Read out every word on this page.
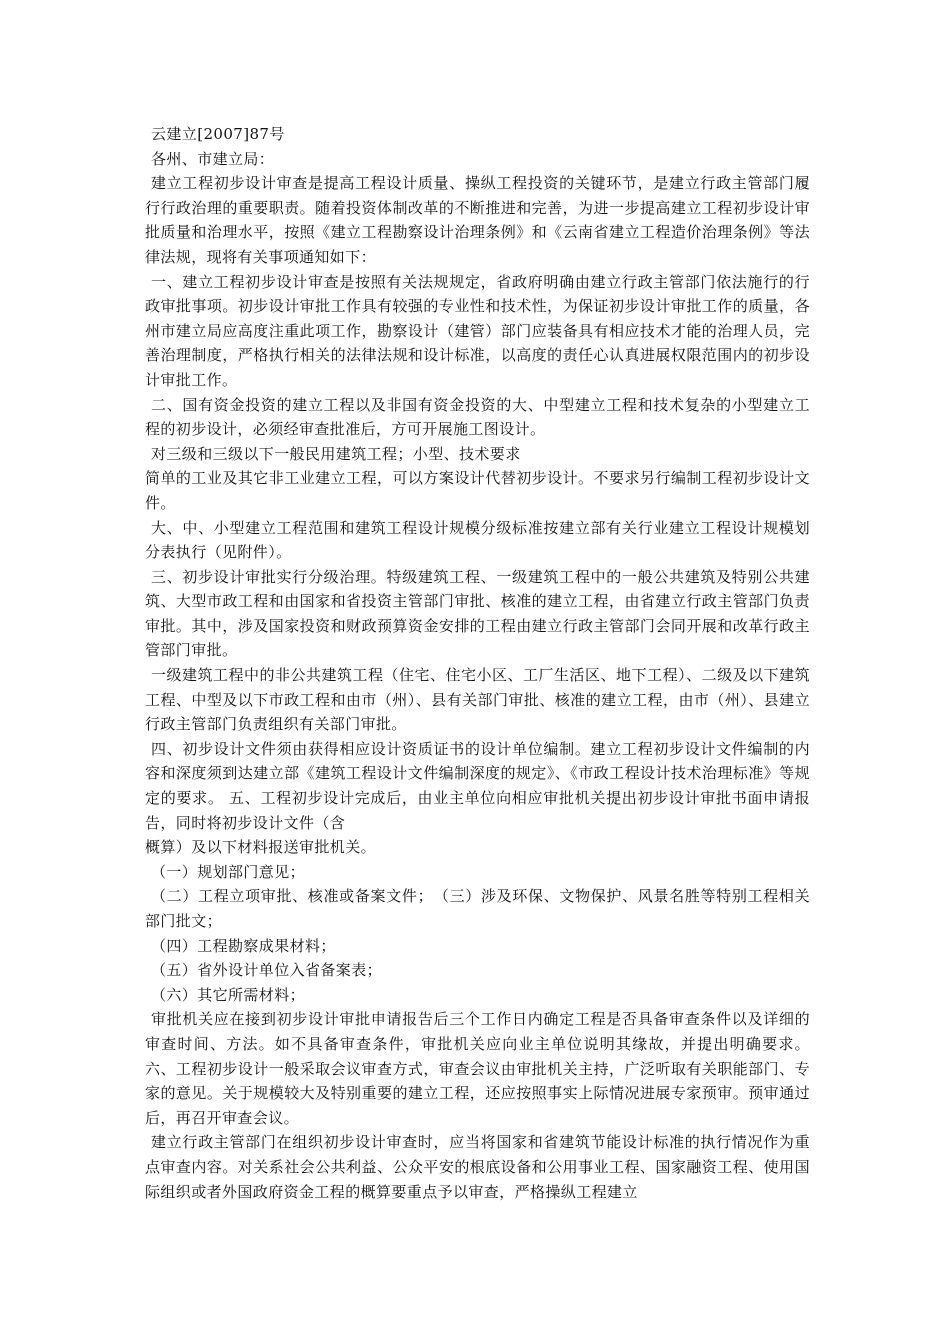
云建立[2007]87号

各州、市建立局：

建立工程初步设计审查是提高工程设计质量、操纵工程投资的关键环节，是建立行政主管部门履行行政治理的重要职责。随着投资体制改革的不断推进和完善，为进一步提高建立工程初步设计审批质量和治理水平，按照《建立工程勘察设计治理条例》和《云南省建立工程造价治理条例》等法律法规，现将有关事项通知如下：

一、建立工程初步设计审查是按照有关法规规定，省政府明确由建立行政主管部门依法施行的行政审批事项。初步设计审批工作具有较强的专业性和技术性，为保证初步设计审批工作的质量，各州市建立局应高度注重此项工作，勘察设计（建管）部门应装备具有相应技术才能的治理人员，完善治理制度，严格执行相关的法律法规和设计标准，以高度的责任心认真进展权限范围内的初步设计审批工作。

二、国有资金投资的建立工程以及非国有资金投资的大、中型建立工程和技术复杂的小型建立工程的初步设计，必须经审查批准后，方可开展施工图设计。

对三级和三级以下一般民用建筑工程；小型、技术要求

简单的工业及其它非工业建立工程，可以方案设计代替初步设计。不要求另行编制工程初步设计文件。

大、中、小型建立工程范围和建筑工程设计规模分级标准按建立部有关行业建立工程设计规模划分表执行（见附件）。

三、初步设计审批实行分级治理。特级建筑工程、一级建筑工程中的一般公共建筑及特别公共建筑、大型市政工程和由国家和省投资主管部门审批、核准的建立工程，由省建立行政主管部门负责审批。其中，涉及国家投资和财政预算资金安排的工程由建立行政主管部门会同开展和改革行政主管部门审批。

一级建筑工程中的非公共建筑工程（住宅、住宅小区、工厂生活区、地下工程）、二级及以下建筑工程、中型及以下市政工程和由市（州）、县有关部门审批、核准的建立工程，由市（州）、县建立行政主管部门负责组织有关部门审批。

四、初步设计文件须由获得相应设计资质证书的设计单位编制。建立工程初步设计文件编制的内容和深度须到达建立部《建筑工程设计文件编制深度的规定》、《市政工程设计技术治理标准》等规定的要求。 五、工程初步设计完成后，由业主单位向相应审批机关提出初步设计审批书面申请报告，同时将初步设计文件（含

概算）及以下材料报送审批机关。

（一）规划部门意见；

（二）工程立项审批、核准或备案文件；　（三）涉及环保、文物保护、风景名胜等特别工程相关部门批文；

（四）工程勘察成果材料；

（五）省外设计单位入省备案表；

（六）其它所需材料；

审批机关应在接到初步设计审批申请报告后三个工作日内确定工程是否具备审查条件以及详细的审查时间、方法。如不具备审查条件，审批机关应向业主单位说明其缘故，并提出明确要求。 六、工程初步设计一般采取会议审查方式，审查会议由审批机关主持，广泛听取有关职能部门、专家的意见。关于规模较大及特别重要的建立工程，还应按照事实上际情况进展专家预审。预审通过后，再召开审查会议。

建立行政主管部门在组织初步设计审查时，应当将国家和省建筑节能设计标准的执行情况作为重点审查内容。对关系社会公共利益、公众平安的根底设备和公用事业工程、国家融资工程、使用国际组织或者外国政府资金工程的概算要重点予以审查，严格操纵工程建立
